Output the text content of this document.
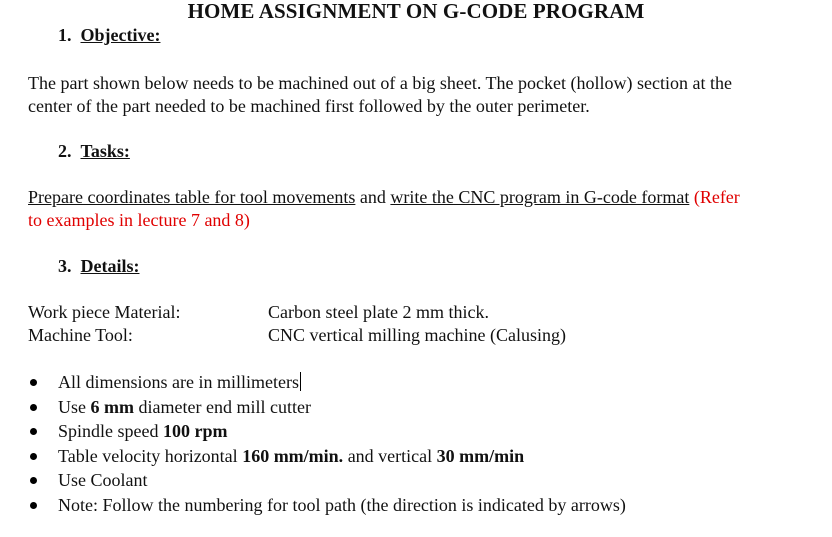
HOME ASSIGNMENT ON G-CODE PROGRAM
1. Objective:
The part shown below needs to be machined out of a big sheet. The pocket (hollow) section at the
center of the part needed to be machined first followed by the outer perimeter.
2. Tasks:
Prepare coordinates table for tool movements and write the CNC program in G-code format (Refer
to examples in lecture 7 and 8)
3. Details:
Work piece Material:
Machine Tool:
Carbon steel plate 2 mm thick.
CNC vertical milling machine (Calusing)
All dimensions are in millimeters
Use 6 mm diameter end mill cutter
Spindle speed 100 rpm
Table velocity horizontal 160 mm/min. and vertical 30 mm/min
Use Coolant
Note: Follow the numbering for tool path (the direction is indicated by arrows)
